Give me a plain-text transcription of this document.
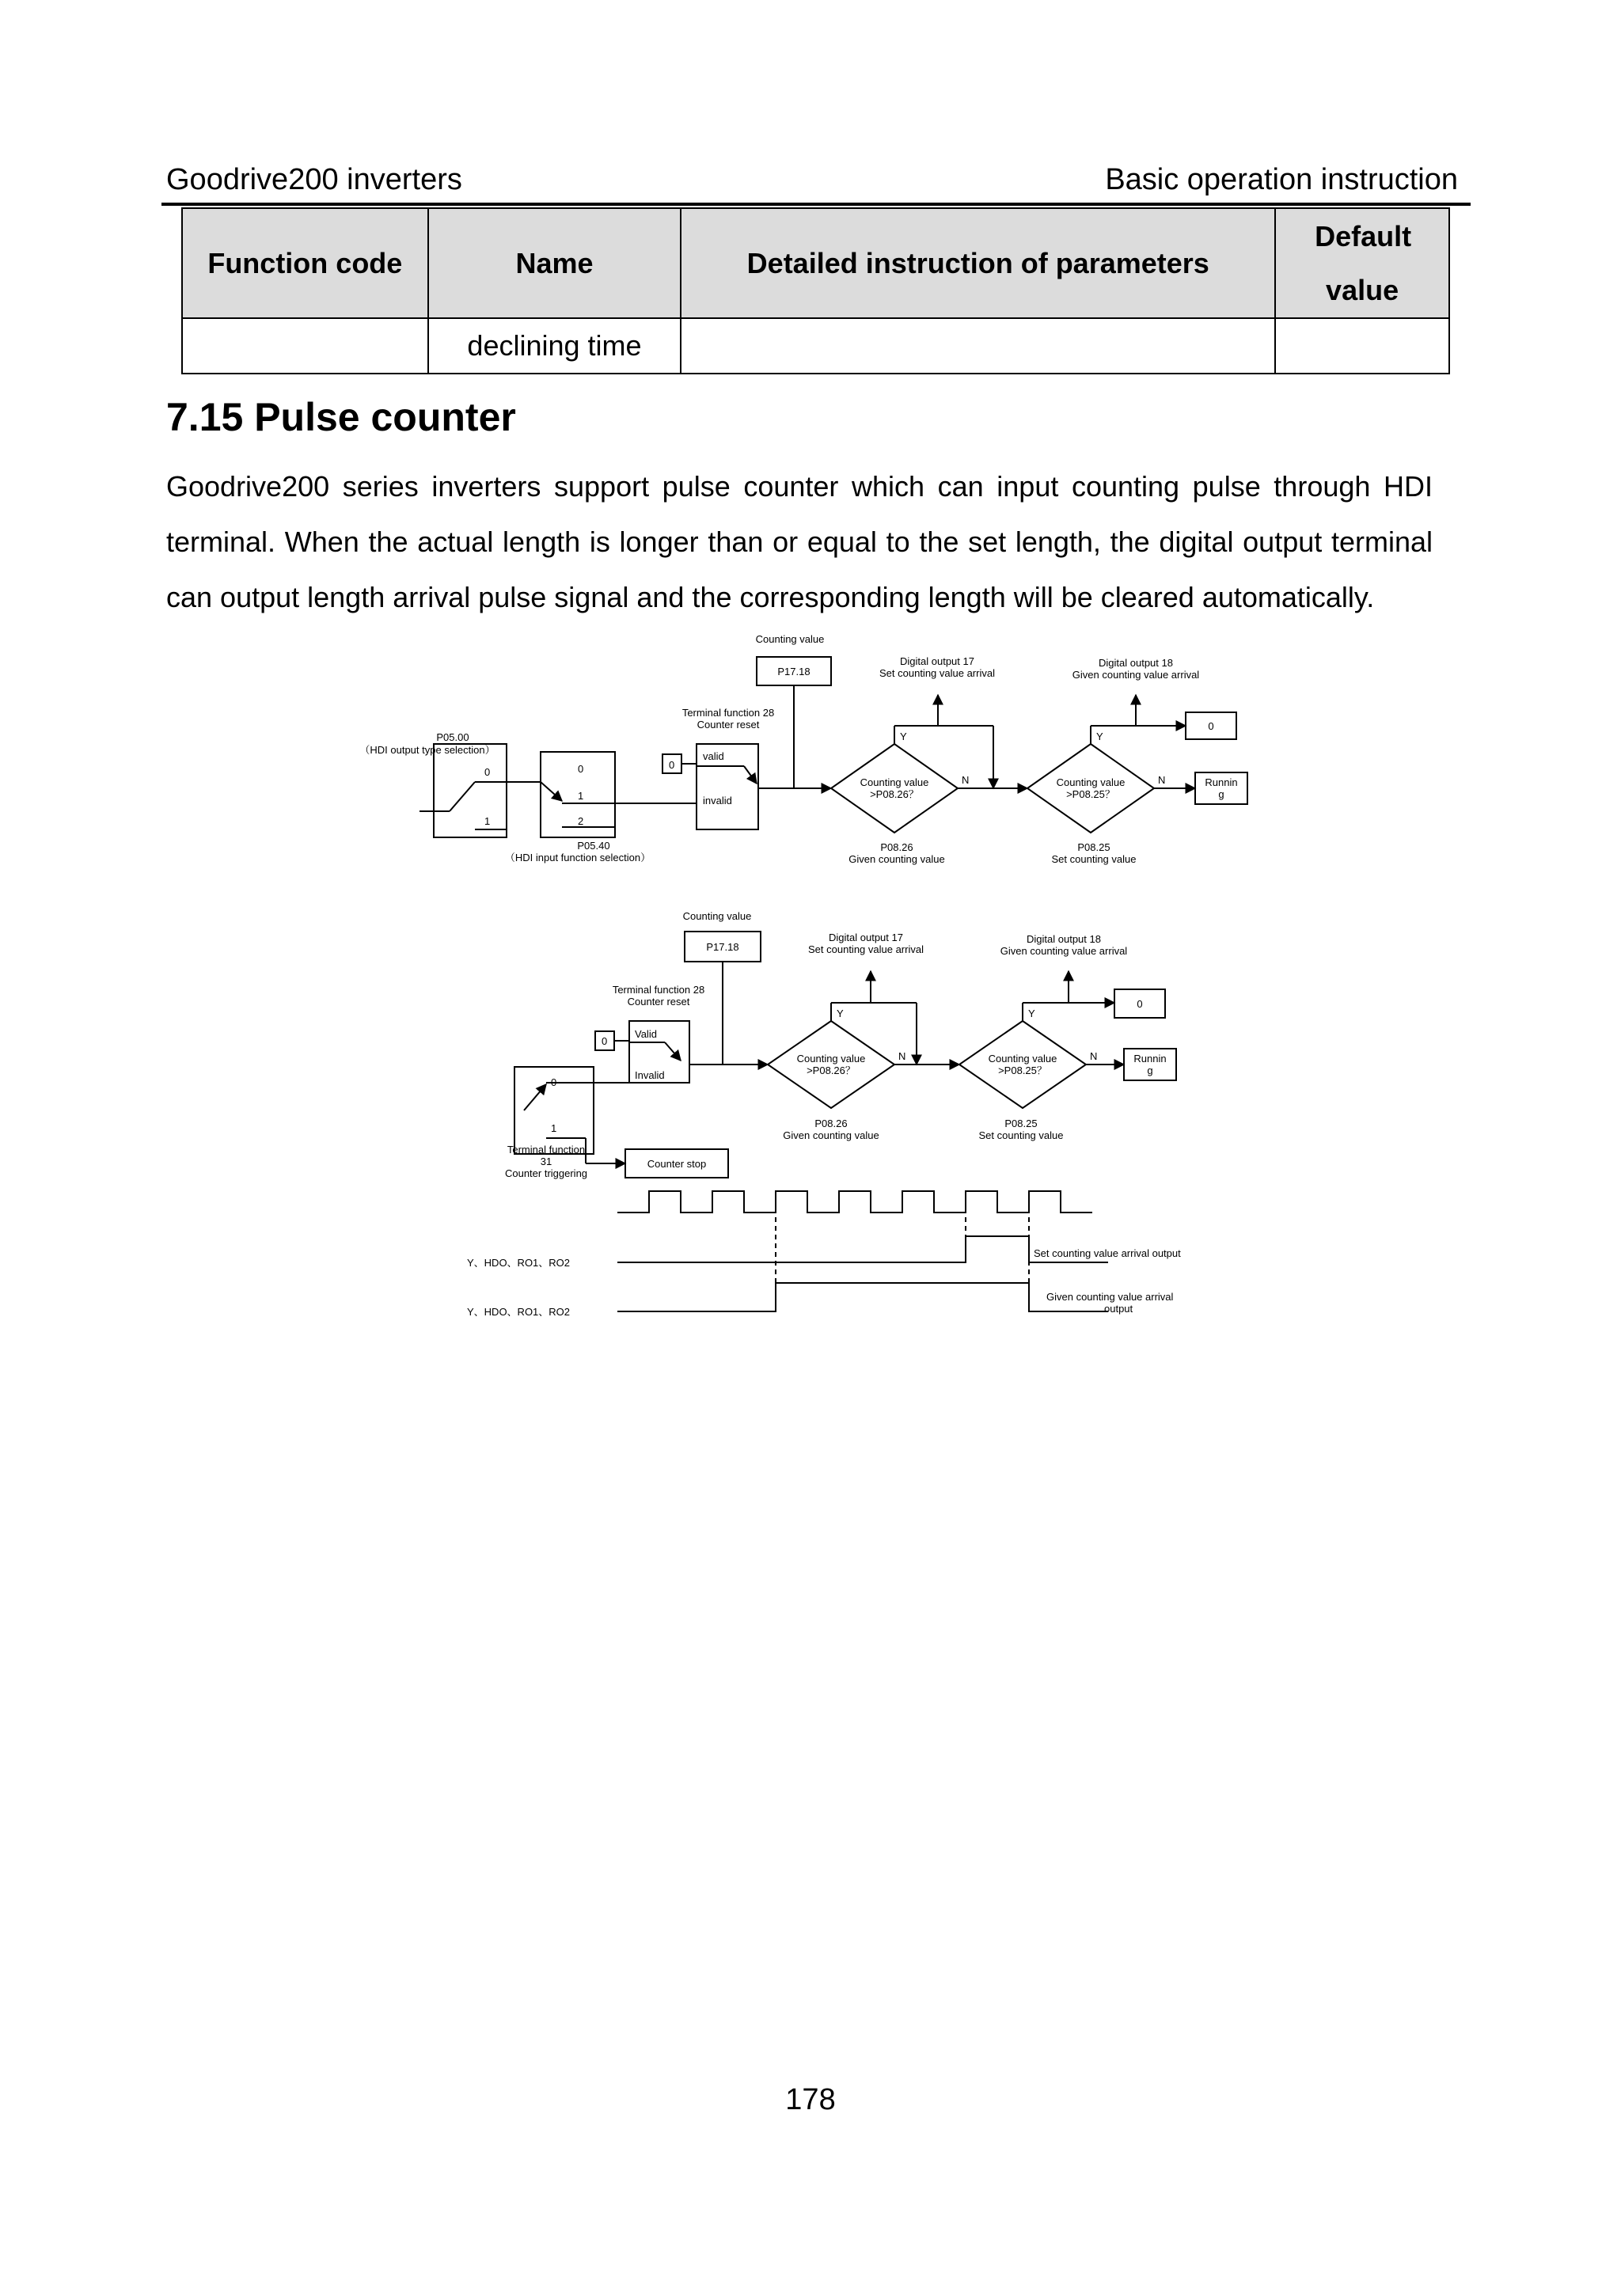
Goodrive200 inverters	Basic operation instruction
Function code	Name	Detailed instruction of parameters	Default value
	declining time		
7.15 Pulse counter
Goodrive200 series inverters support pulse counter which can input counting pulse through HDI terminal. When the actual length is longer than or equal to the set length, the digital output terminal can output length arrival pulse signal and the corresponding length will be cleared automatically.
Counting value
P17.18
Digital output 17
Set counting value arrival
Digital output 18
Given counting value arrival
Terminal function 28
Counter reset
P05.00
（HDI output type selection）
0
1
0
1
2
0
valid
invalid
Counting value
>P08.26？
Counting value
>P08.25？
Y	Y
N	N
0
Runnin
g
P05.40
（HDI input function selection）
P08.26
Given counting value
P08.25
Set counting value
Counting value
P17.18
Digital output 17
Set counting value arrival
Digital output 18
Given counting value arrival
Terminal function 28
Counter reset
0
Valid
Invalid
0
1
Terminal function
31
Counter triggering
Counter stop
Counting value
>P08.26？
Counting value
>P08.25？
Y	Y
N	N
0
Runnin
g
P08.26
Given counting value
P08.25
Set counting value
Y、HDO、RO1、RO2
Y、HDO、RO1、RO2
Set counting value arrival output
Given counting value arrival
output
178
